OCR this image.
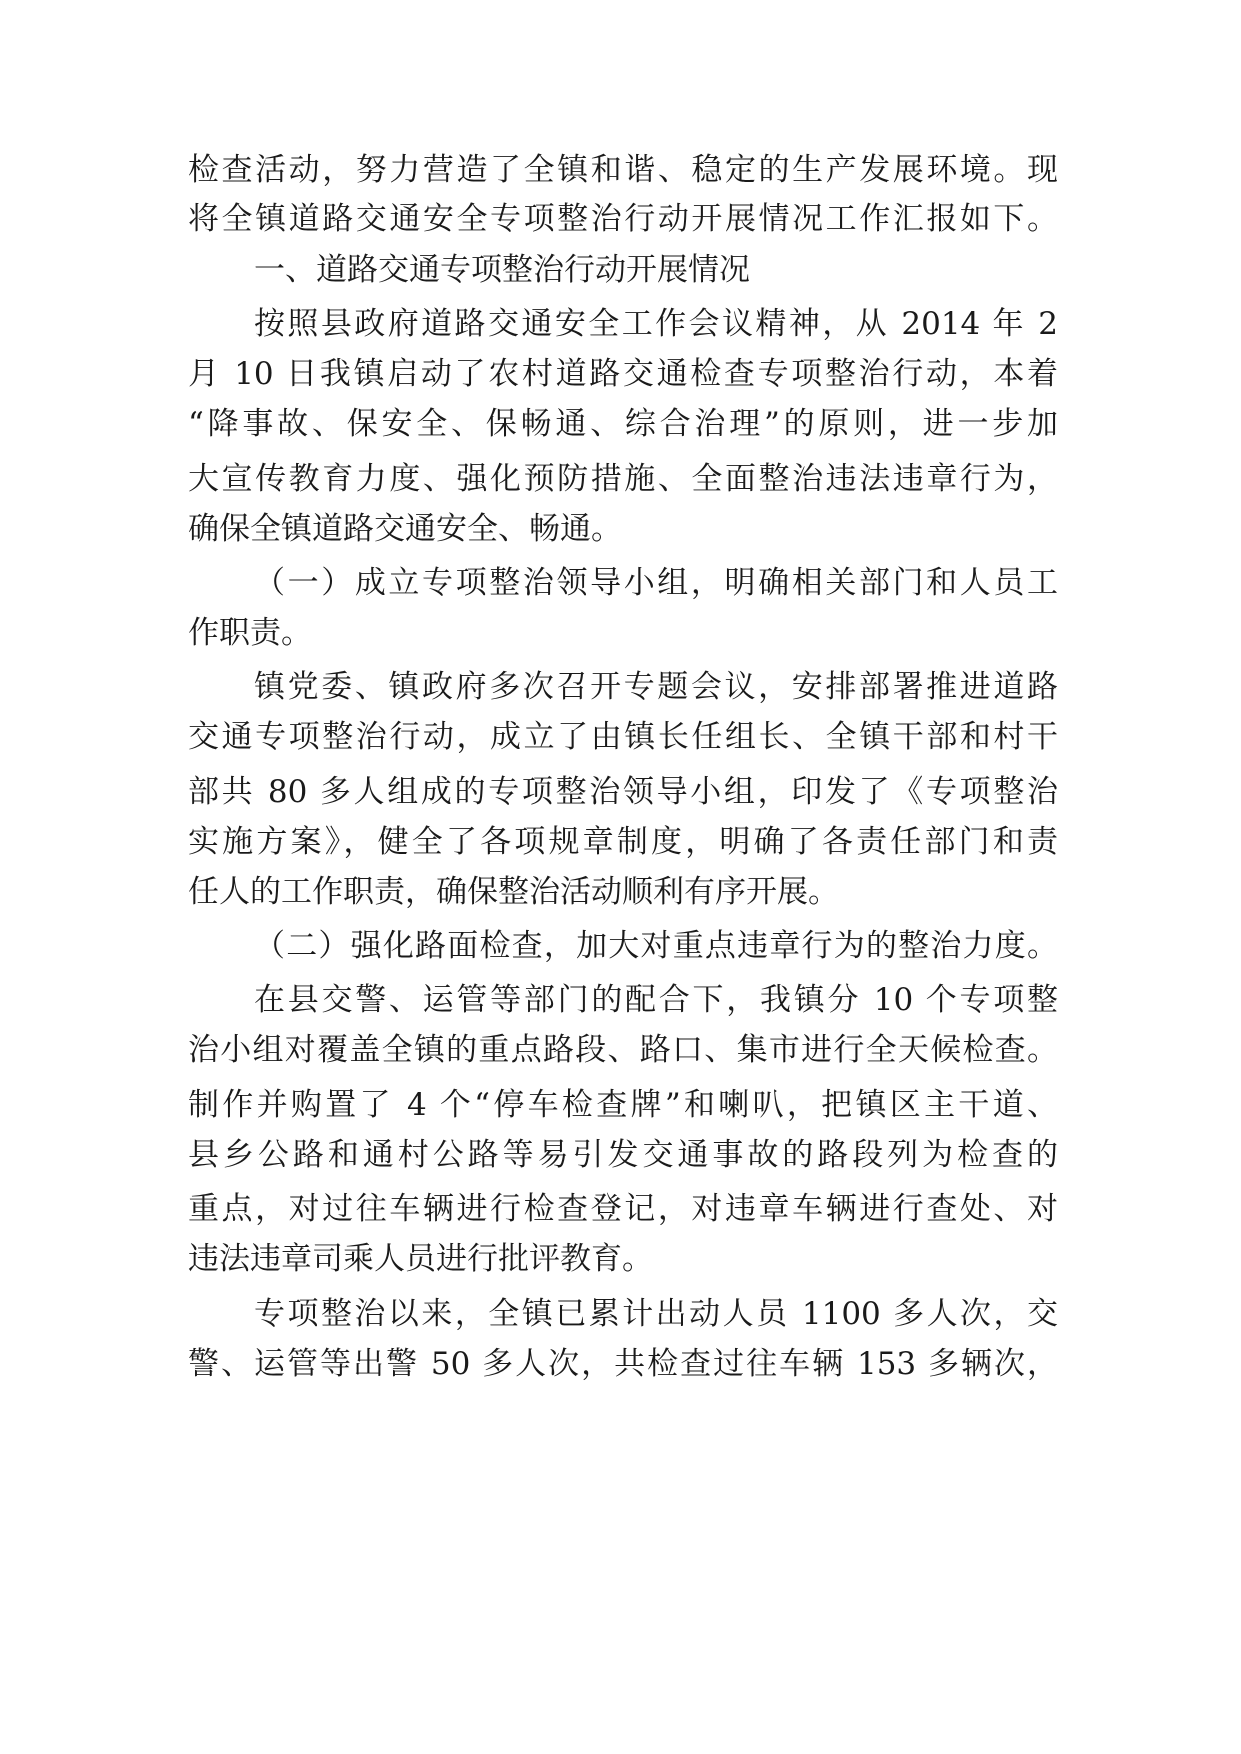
检查活动，努力营造了全镇和谐、稳定的生产发展环境。现
将全镇道路交通安全专项整治行动开展情况工作汇报如下。
一、道路交通专项整治行动开展情况
按照县政府道路交通安全工作会议精神，从 2014 年 2
月 10 日我镇启动了农村道路交通检查专项整治行动，本着
“降事故、保安全、保畅通、综合治理”的原则，进一步加
大宣传教育力度、强化预防措施、全面整治违法违章行为，
确保全镇道路交通安全、畅通。
（一）成立专项整治领导小组，明确相关部门和人员工
作职责。
镇党委、镇政府多次召开专题会议，安排部署推进道路
交通专项整治行动，成立了由镇长任组长、全镇干部和村干
部共 80 多人组成的专项整治领导小组，印发了《专项整治
实施方案》，健全了各项规章制度，明确了各责任部门和责
任人的工作职责，确保整治活动顺利有序开展。
（二）强化路面检查，加大对重点违章行为的整治力度。
在县交警、运管等部门的配合下，我镇分 10 个专项整
治小组对覆盖全镇的重点路段、路口、集市进行全天候检查。
制作并购置了 4 个“停车检查牌”和喇叭，把镇区主干道、
县乡公路和通村公路等易引发交通事故的路段列为检查的
重点，对过往车辆进行检查登记，对违章车辆进行查处、对
违法违章司乘人员进行批评教育。
专项整治以来，全镇已累计出动人员 1100 多人次，交
警、运管等出警 50 多人次，共检查过往车辆 153 多辆次，
